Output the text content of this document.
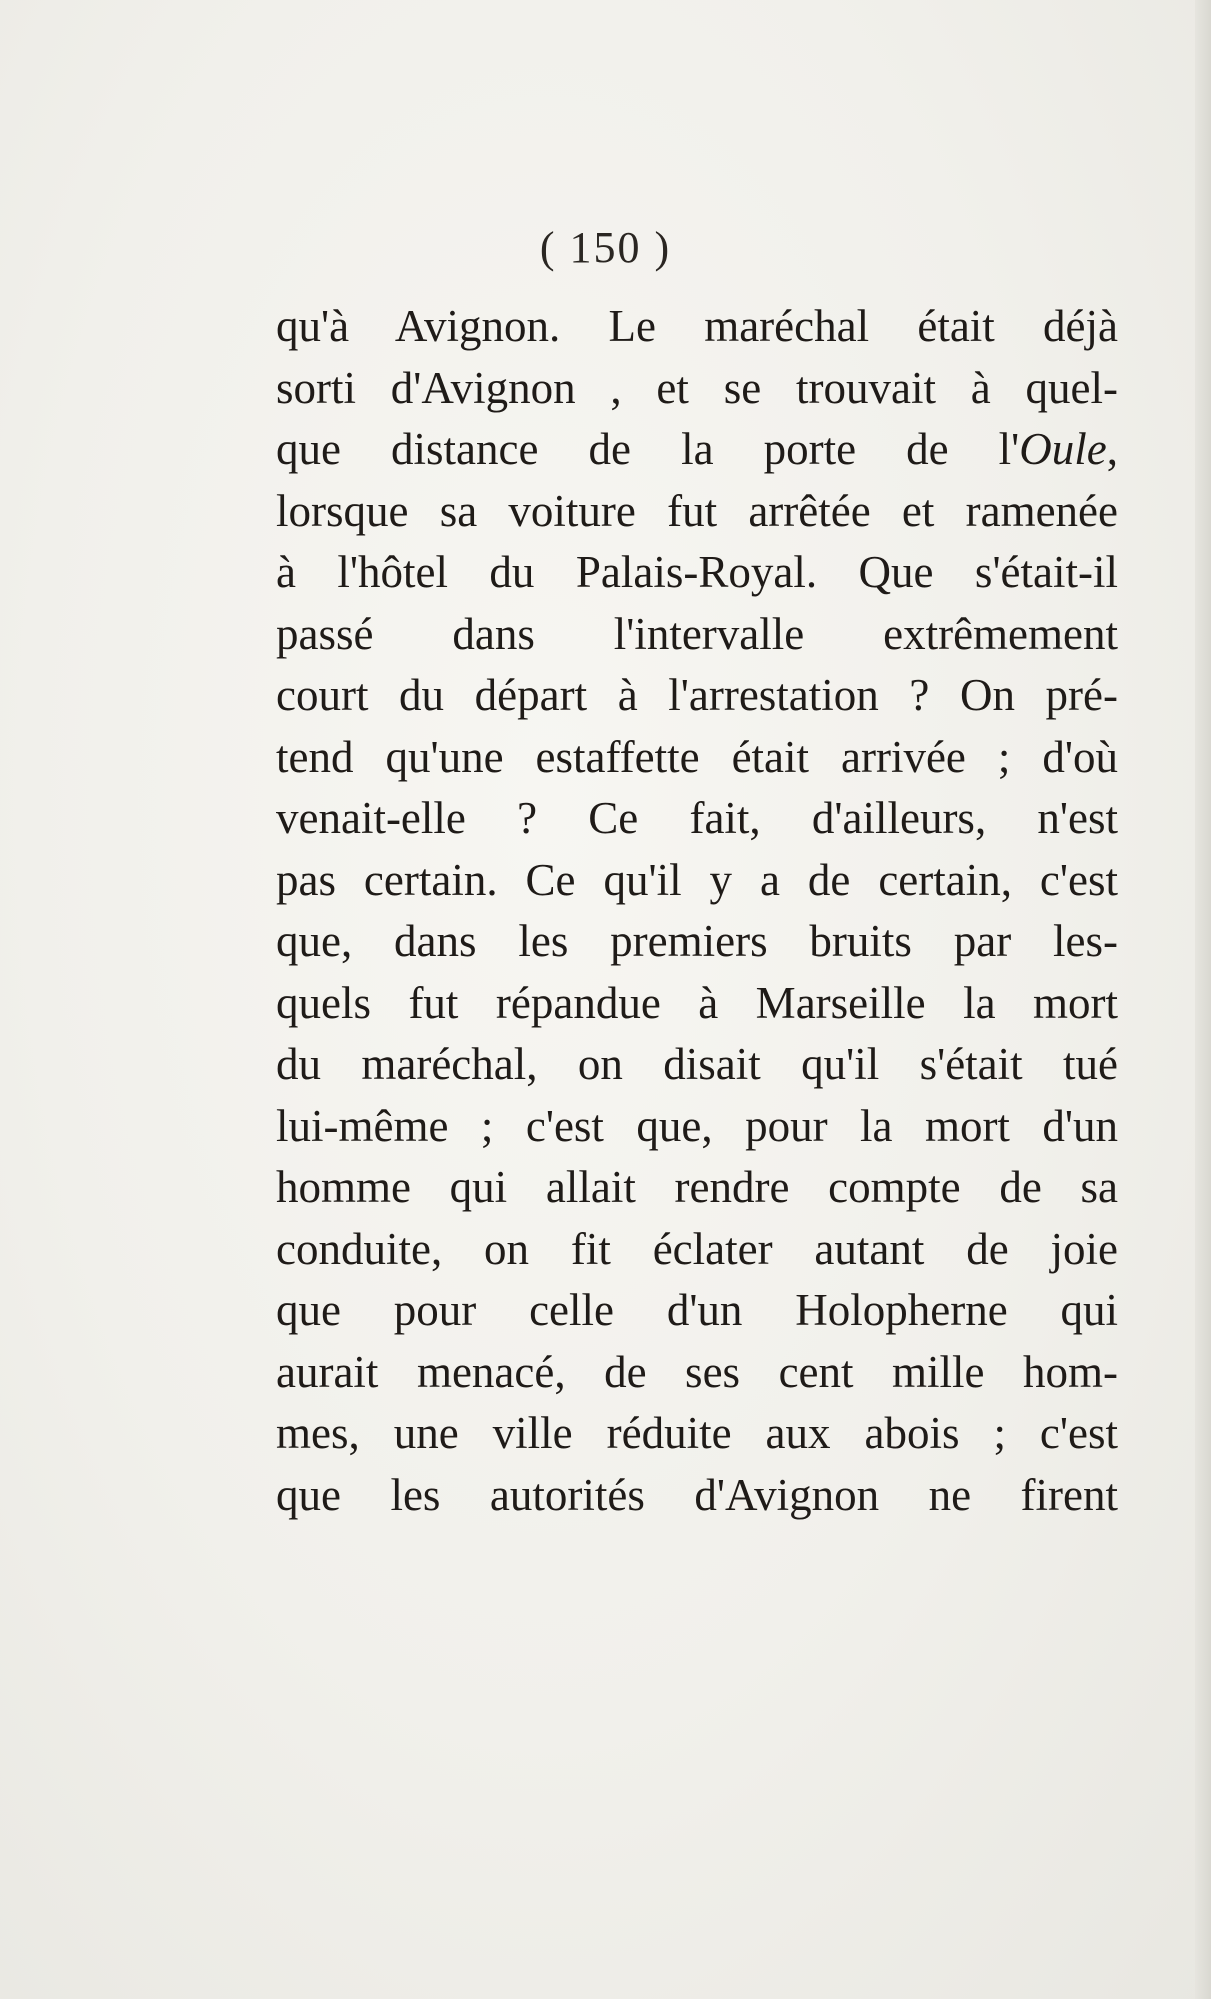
( 150 )
qu'à Avignon. Le maréchal était déjà
sorti d'Avignon , et se trouvait à quel-
que distance de la porte de l'Oule,
lorsque sa voiture fut arrêtée et ramenée
à l'hôtel du Palais-Royal. Que s'était-il
passé dans l'intervalle extrêmement
court du départ à l'arrestation ? On pré-
tend qu'une estaffette était arrivée ; d'où
venait-elle ? Ce fait, d'ailleurs, n'est
pas certain. Ce qu'il y a de certain, c'est
que, dans les premiers bruits par les-
quels fut répandue à Marseille la mort
du maréchal, on disait qu'il s'était tué
lui-même ; c'est que, pour la mort d'un
homme qui allait rendre compte de sa
conduite, on fit éclater autant de joie
que pour celle d'un Holopherne qui
aurait menacé, de ses cent mille hom-
mes, une ville réduite aux abois ; c'est
que les autorités d'Avignon ne firent
